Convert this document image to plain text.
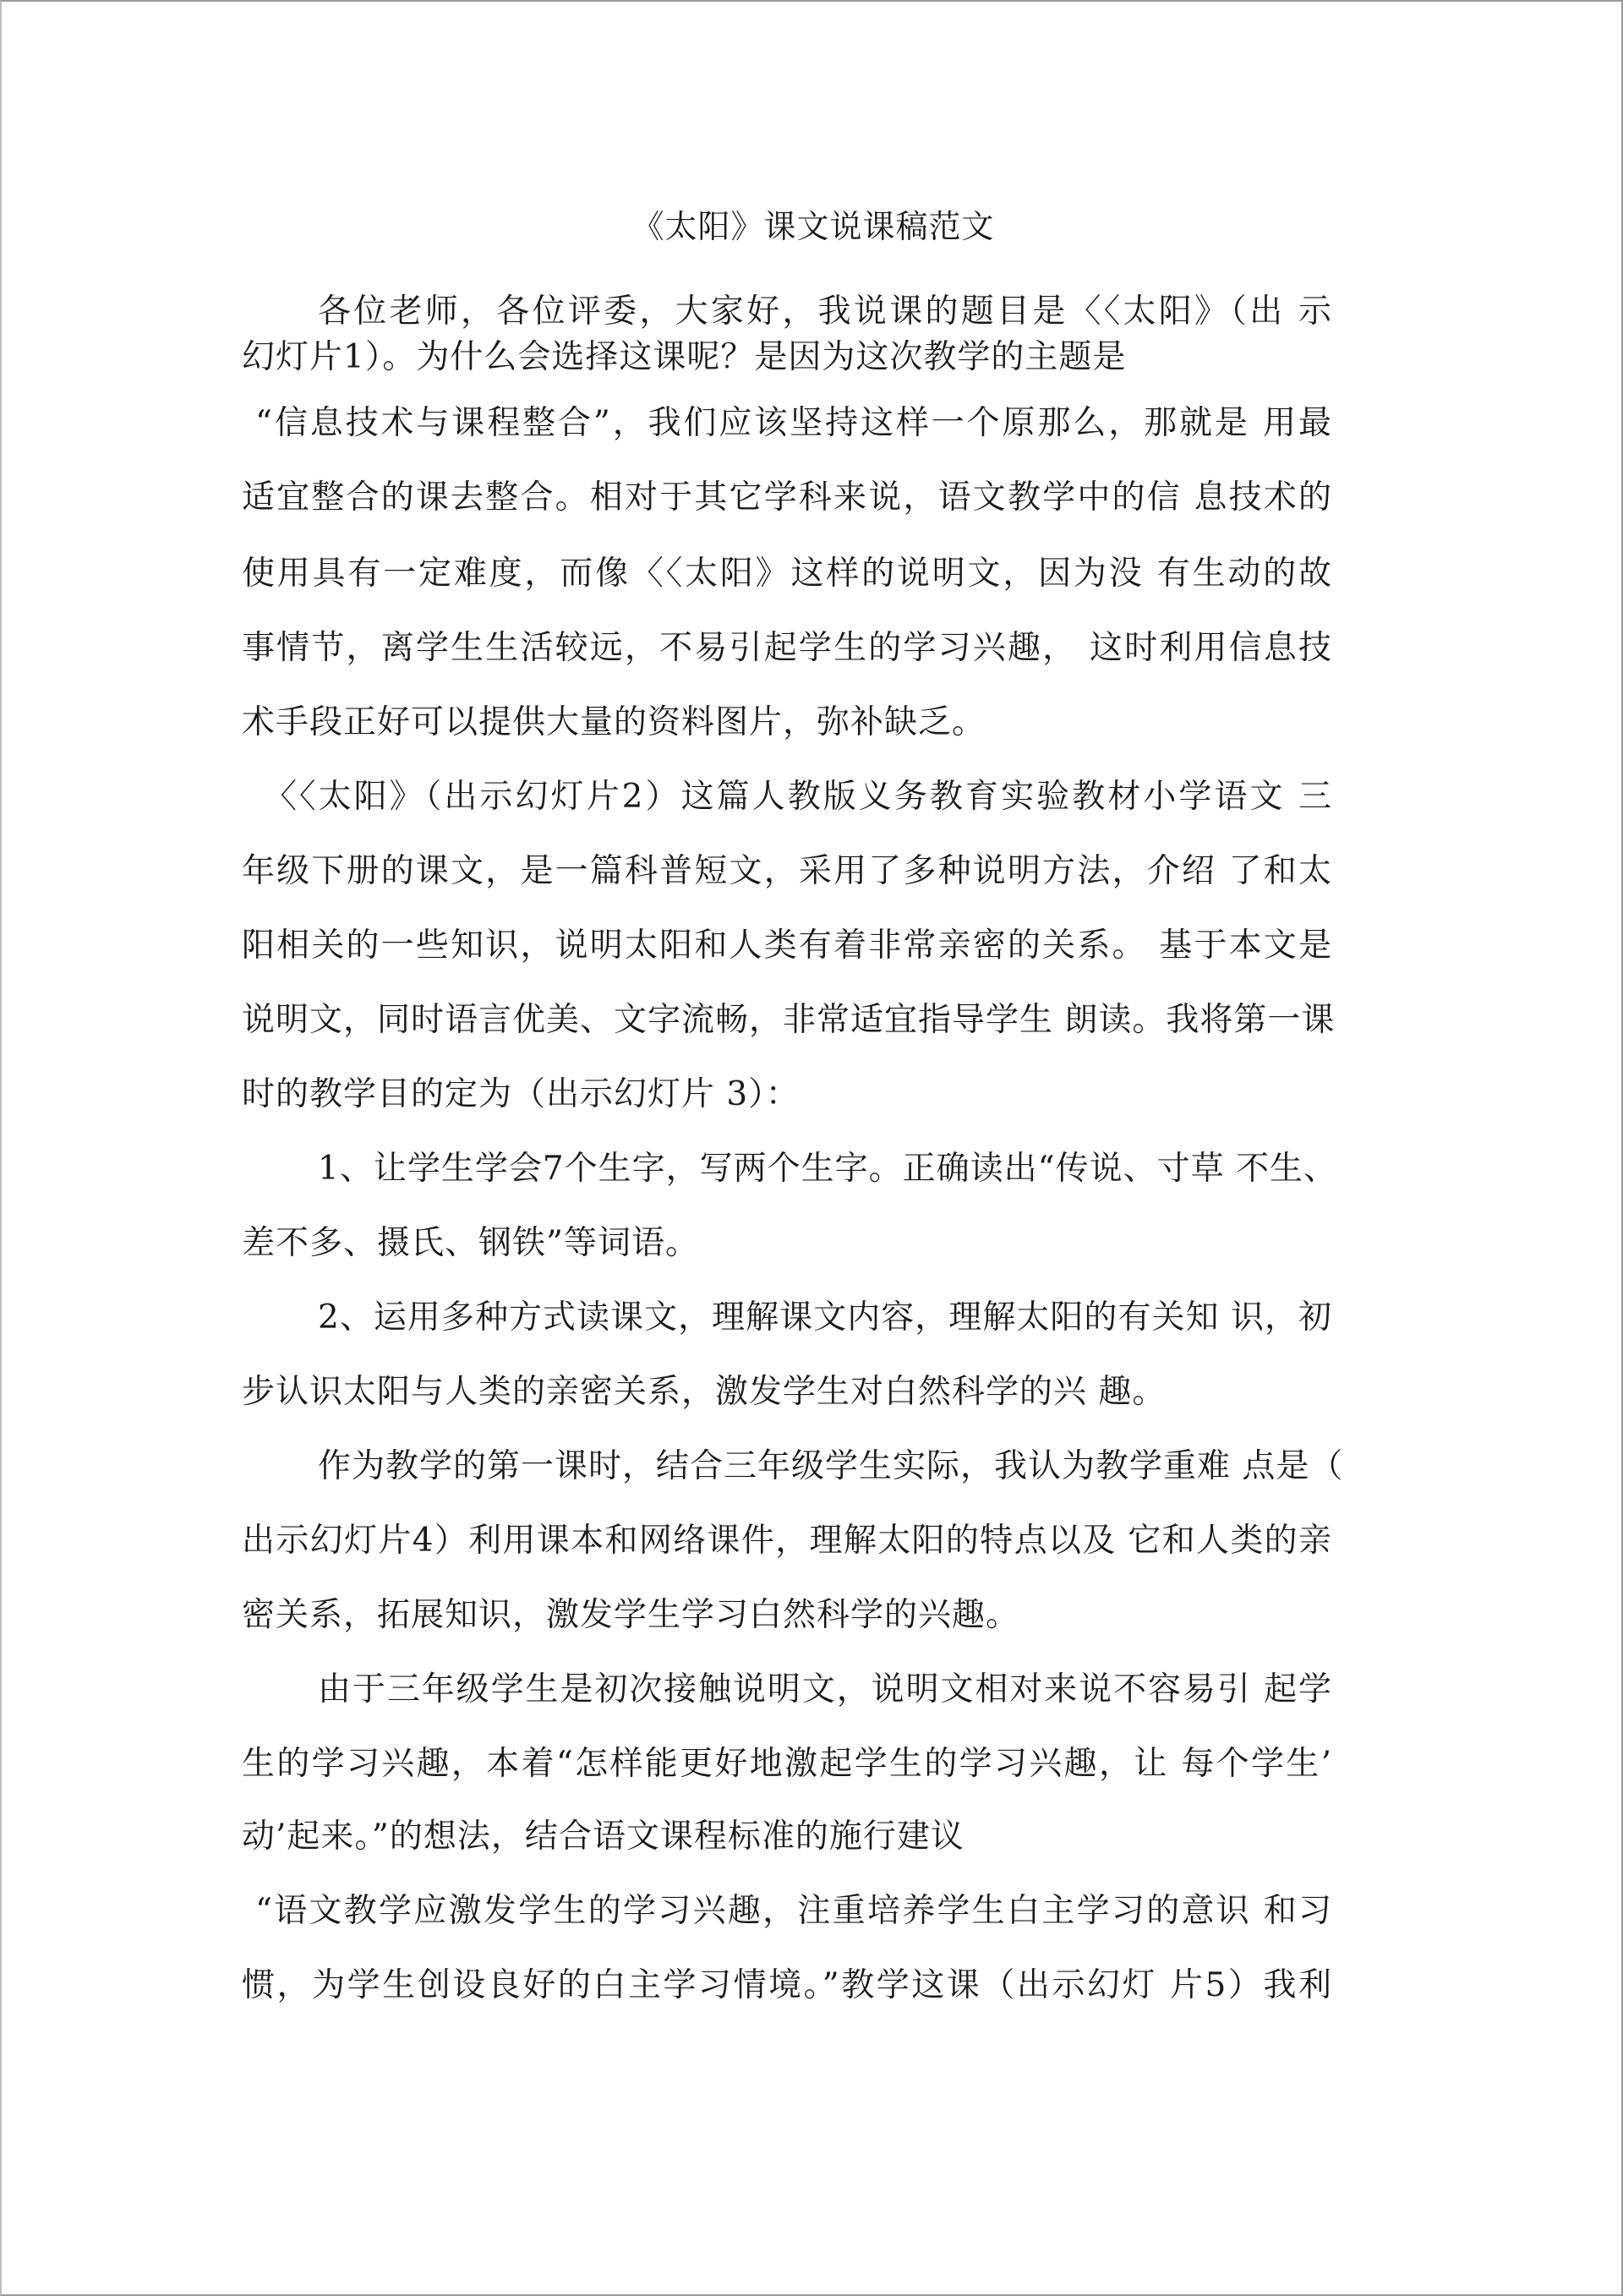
《太阳》课文说课稿范文
各位老师，各位评委，大家好，我说课的题目是〈〈太阳》（出 示
幻灯片1）。为什么会选择这课呢？是因为这次教学的主题是
“信息技术与课程整合”，我们应该坚持这样一个原那么，那就是 用最
适宜整合的课去整合。相对于其它学科来说，语文教学中的信 息技术的
使用具有一定难度，而像〈〈太阳》这样的说明文，因为没 有生动的故
事情节，离学生生活较远，不易引起学生的学习兴趣， 这时利用信息技
术手段正好可以提供大量的资料图片，弥补缺乏。
〈〈太阳》（出示幻灯片2）这篇人教版义务教育实验教材小学语文 三
年级下册的课文，是一篇科普短文，采用了多种说明方法，介绍 了和太
阳相关的一些知识，说明太阳和人类有着非常亲密的关系。 基于本文是
说明文，同时语言优美、文字流畅，非常适宜指导学生 朗读。我将第一课
时的教学目的定为（出示幻灯片 3）：
1、让学生学会7个生字，写两个生字。正确读出“传说、寸草 不生、
差不多、摄氏、钢铁”等词语。
2、运用多种方式读课文，理解课文内容，理解太阳的有关知 识，初
步认识太阳与人类的亲密关系，激发学生对白然科学的兴 趣。
作为教学的第一课时，结合三年级学生实际，我认为教学重难 点是（
出示幻灯片4）利用课本和网络课件，理解太阳的特点以及 它和人类的亲
密关系，拓展知识，激发学生学习白然科学的兴趣。
由于三年级学生是初次接触说明文，说明文相对来说不容易引 起学
生的学习兴趣，本着“怎样能更好地激起学生的学习兴趣，让 每个学生’
动’起来。”的想法，结合语文课程标准的施行建议
“语文教学应激发学生的学习兴趣，注重培养学生白主学习的意识 和习
惯，为学生创设良好的白主学习情境。”教学这课（出示幻灯 片5）我利
